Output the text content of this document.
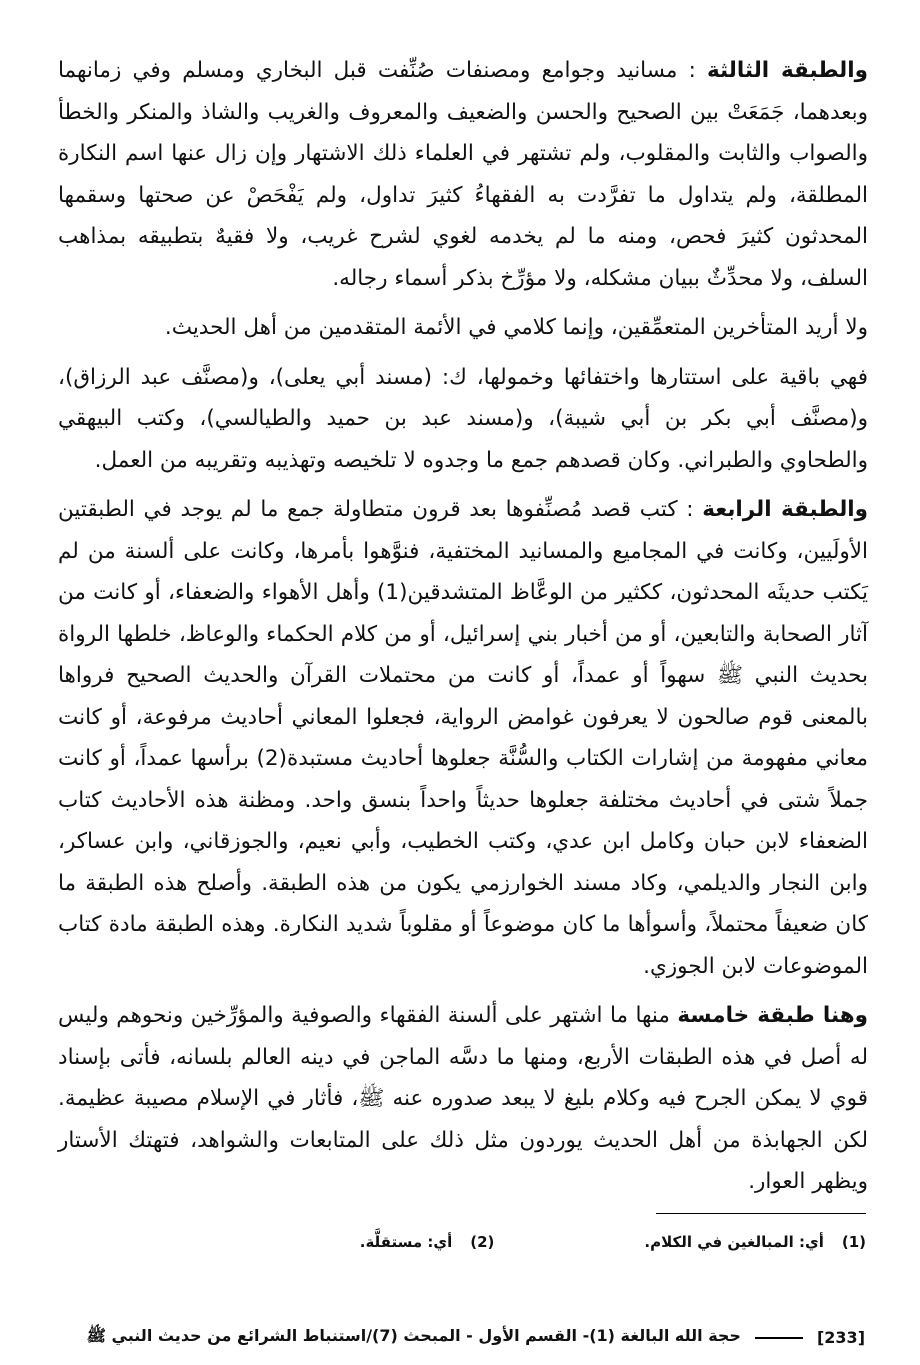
والطبقة الثالثة : مسانيد وجوامع ومصنفات صُنِّفت قبل البخاري ومسلم وفي زمانهما وبعدهما، جَمَعَتْ بين الصحيح والحسن والضعيف والمعروف والغريب والشاذ والمنكر والخطأ والصواب والثابت والمقلوب، ولم تشتهر في العلماء ذلك الاشتهار وإن زال عنها اسم النكارة المطلقة، ولم يتداول ما تفرَّدت به الفقهاءُ كثيرَ تداول، ولم يَفْحَصْ عن صحتها وسقمها المحدثون كثيرَ فحص، ومنه ما لم يخدمه لغوي لشرح غريب، ولا فقيهٌ بتطبيقه بمذاهب السلف، ولا محدِّثٌ ببيان مشكله، ولا مؤرِّخ بذكر أسماء رجاله.

ولا أريد المتأخرين المتعمِّقين، وإنما كلامي في الأئمة المتقدمين من أهل الحديث.

فهي باقية على استتارها واختفائها وخمولها، ك: (مسند أبي يعلى)، و(مصنَّف عبد الرزاق)، و(مصنَّف أبي بكر بن أبي شيبة)، و(مسند عبد بن حميد والطيالسي)، وكتب البيهقي والطحاوي والطبراني. وكان قصدهم جمع ما وجدوه لا تلخيصه وتهذيبه وتقريبه من العمل.

والطبقة الرابعة : كتب قصد مُصنِّفوها بعد قرون متطاولة جمع ما لم يوجد في الطبقتين الأولَيين، وكانت في المجاميع والمسانيد المختفية، فنوَّهوا بأمرها، وكانت على ألسنة من لم يَكتب حديثَه المحدثون، ككثير من الوعَّاظ المتشدقين(1) وأهل الأهواء والضعفاء، أو كانت من آثار الصحابة والتابعين، أو من أخبار بني إسرائيل، أو من كلام الحكماء والوعاظ، خلطها الرواة بحديث النبي ﷺ سهواً أو عمداً، أو كانت من محتملات القرآن والحديث الصحيح فرواها بالمعنى قوم صالحون لا يعرفون غوامض الرواية، فجعلوا المعاني أحاديث مرفوعة، أو كانت معاني مفهومة من إشارات الكتاب والسُّنَّة جعلوها أحاديث مستبدة(2) برأسها عمداً، أو كانت جملاً شتى في أحاديث مختلفة جعلوها حديثاً واحداً بنسق واحد. ومظنة هذه الأحاديث كتاب الضعفاء لابن حبان وكامل ابن عدي، وكتب الخطيب، وأبي نعيم، والجوزقاني، وابن عساكر، وابن النجار والديلمي، وكاد مسند الخوارزمي يكون من هذه الطبقة. وأصلح هذه الطبقة ما كان ضعيفاً محتملاً، وأسوأها ما كان موضوعاً أو مقلوباً شديد النكارة. وهذه الطبقة مادة كتاب الموضوعات لابن الجوزي.

وهنا طبقة خامسة منها ما اشتهر على ألسنة الفقهاء والصوفية والمؤرِّخين ونحوهم وليس له أصل في هذه الطبقات الأربع، ومنها ما دسَّه الماجن في دينه العالم بلسانه، فأتى بإسناد قوي لا يمكن الجرح فيه وكلام بليغ لا يبعد صدوره عنه ﷺ، فأثار في الإسلام مصيبة عظيمة. لكن الجهابذة من أهل الحديث يوردون مثل ذلك على المتابعات والشواهد، فتهتك الأستار ويظهر العوار.

(1)
أي: المبالغين في الكلام.
(2)
أي: مستقلَّة.
[233]
حجة الله البالغة (1)- القسم الأول - المبحث (7)/استنباط الشرائع من حديث النبي ﷺ
